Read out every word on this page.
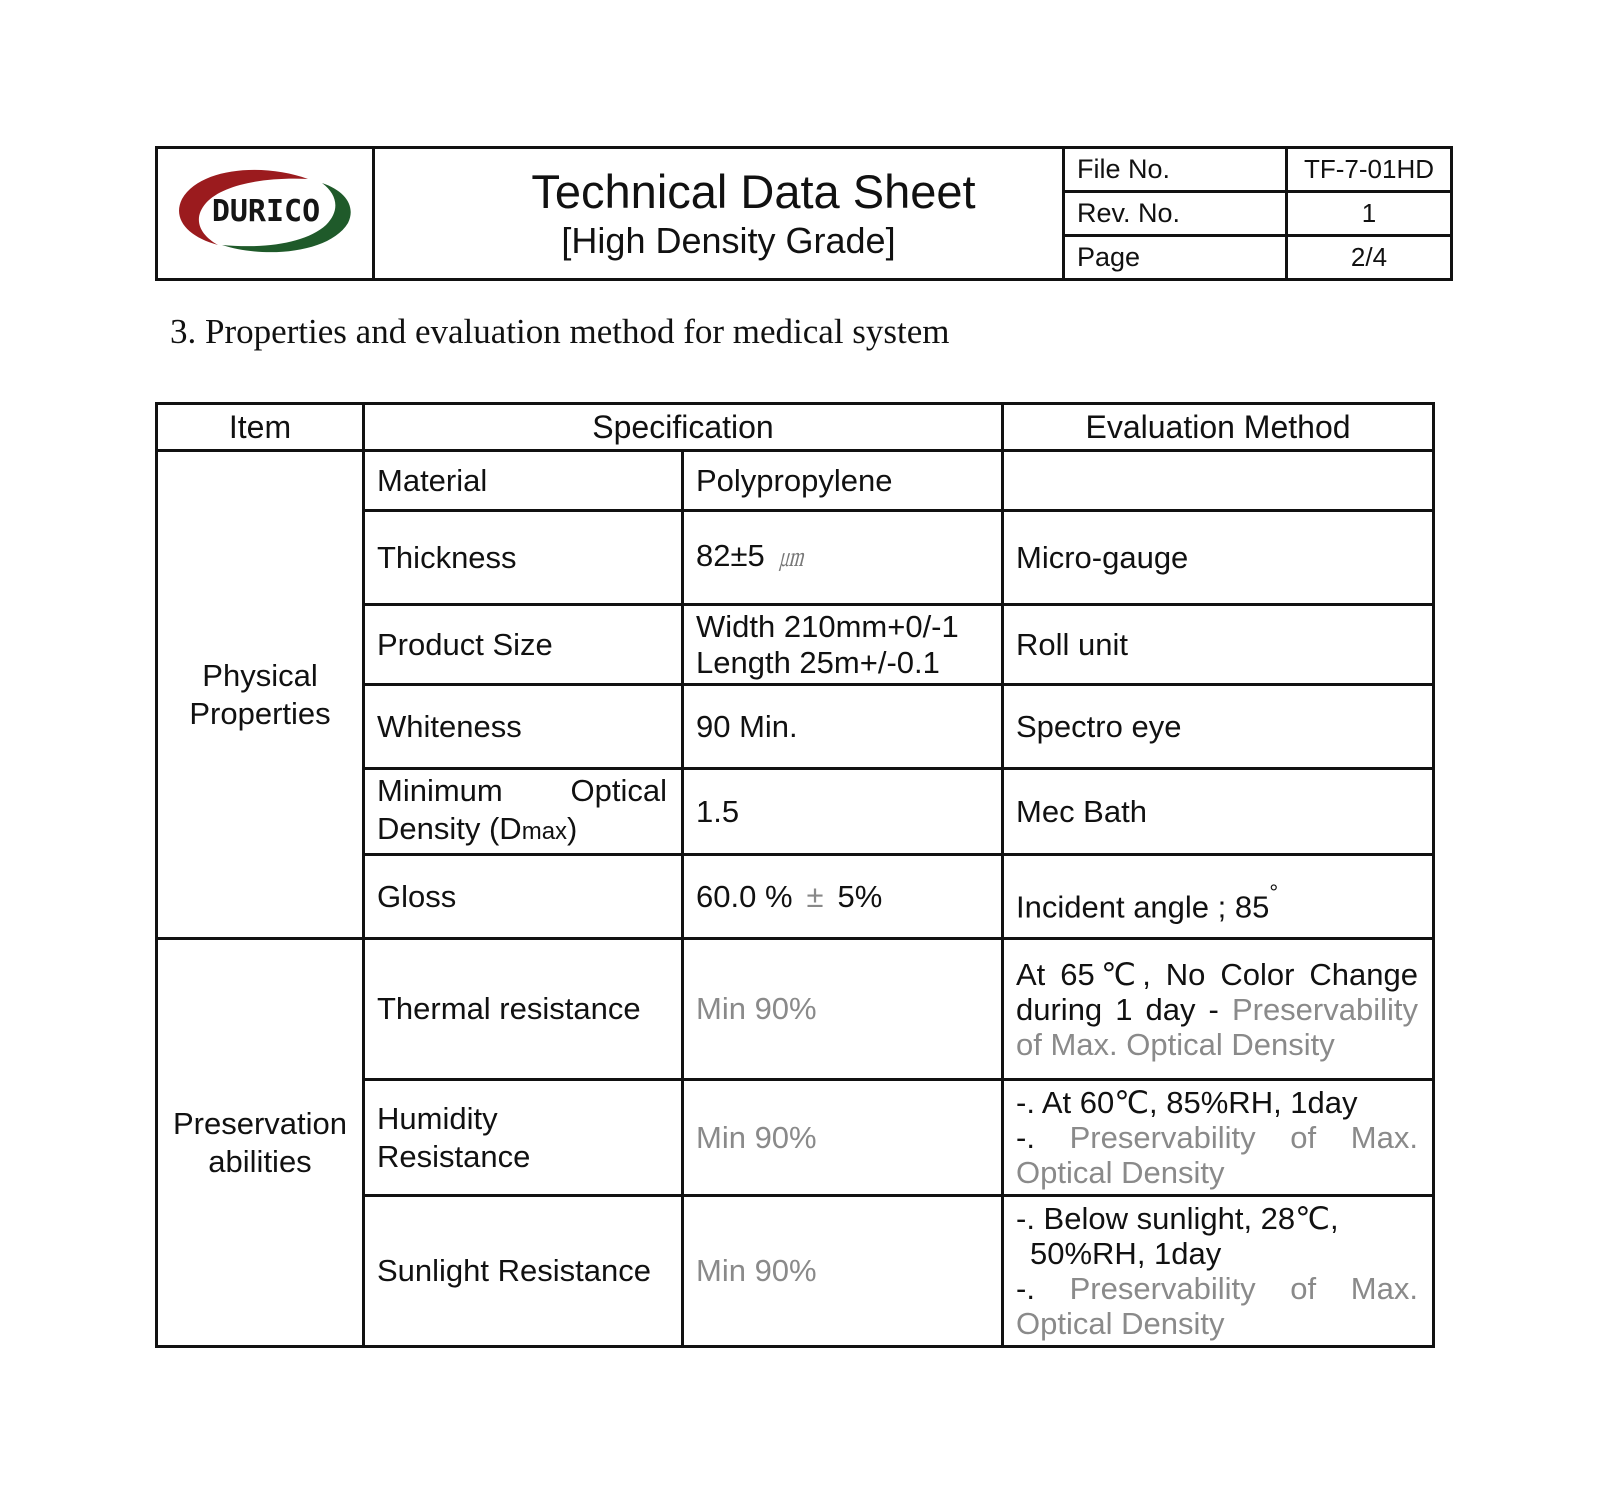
DURICO	Technical Data Sheet
[High Density Grade]	File No.	TF-7-01HD
		Rev. No.	1
		Page	2/4
3. Properties and evaluation method for medical system
Item	Specification		Evaluation Method
Physical
Properties	Material	Polypropylene	
	Thickness	82±5 ㎛	Micro-gauge
	Product Size	Width 210mm+0/-1
Length 25m+/-0.1	Roll unit
	Whiteness	90 Min.	Spectro eye

	Minimum Optical
Density (Dmax)	1.5	Mec Bath
	Gloss	60.0 % ± 5%	Incident angle ; 85°
Preservation
abilities	Thermal resistance	Min 90%	At 65℃, No Color Change
during 1 day - Preservability
of Max. Optical Density

	Humidity
Resistance	Min 90%	-. At 60℃, 85%RH, 1day
-. Preservability of Max.
Optical Density

	Sunlight Resistance	Min 90%	-. Below sunlight, 28℃,
50%RH, 1day
-. Preservability of Max.
Optical Density
